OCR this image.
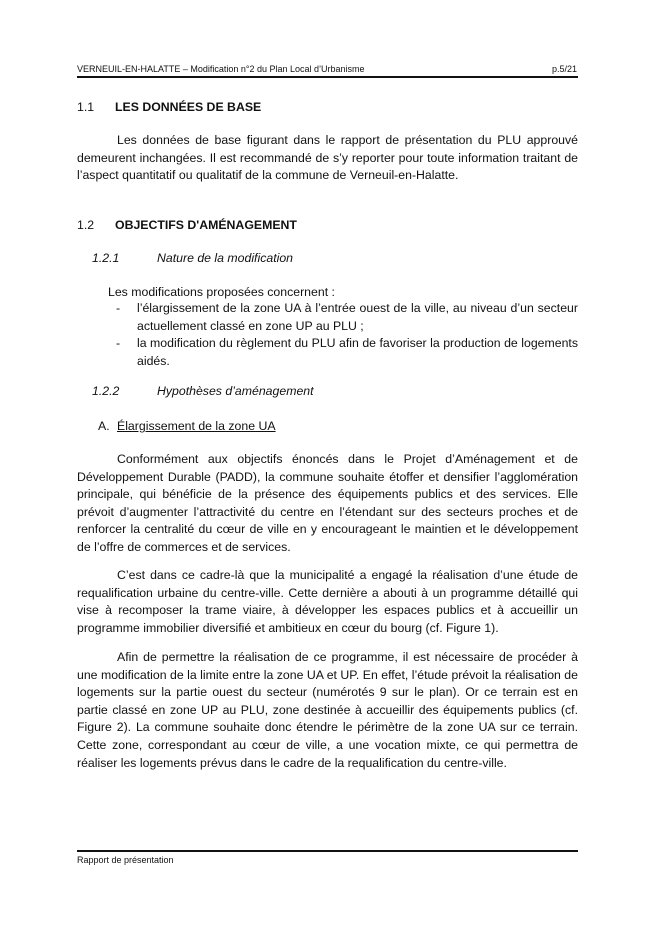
VERNEUIL-EN-HALATTE – Modification n°2 du Plan Local d’Urbanisme	p.5/21
1.1 LES DONNÉES DE BASE

Les données de base figurant dans le rapport de présentation du PLU approuvé demeurent inchangées. Il est recommandé de s’y reporter pour toute information traitant de l’aspect quantitatif ou qualitatif de la commune de Verneuil-en-Halatte.

1.2 OBJECTIFS D'AMÉNAGEMENT
1.2.1	Nature de la modification
Les modifications proposées concernent :
- l’élargissement de la zone UA à l’entrée ouest de la ville, au niveau d’un secteur actuellement classé en zone UP au PLU ;
- la modification du règlement du PLU afin de favoriser la production de logements aidés.
1.2.2	Hypothèses d’aménagement
A. Élargissement de la zone UA

Conformément aux objectifs énoncés dans le Projet d’Aménagement et de Développement Durable (PADD), la commune souhaite étoffer et densifier l’agglomération principale, qui bénéficie de la présence des équipements publics et des services. Elle prévoit d’augmenter l’attractivité du centre en l’étendant sur des secteurs proches et de renforcer la centralité du cœur de ville en y encourageant le maintien et le développement de l’offre de commerces et de services.

C’est dans ce cadre-là que la municipalité a engagé la réalisation d’une étude de requalification urbaine du centre-ville. Cette dernière a abouti à un programme détaillé qui vise à recomposer la trame viaire, à développer les espaces publics et à accueillir un programme immobilier diversifié et ambitieux en cœur du bourg (cf. Figure 1).

Afin de permettre la réalisation de ce programme, il est nécessaire de procéder à une modification de la limite entre la zone UA et UP. En effet, l’étude prévoit la réalisation de logements sur la partie ouest du secteur (numérotés 9 sur le plan). Or ce terrain est en partie classé en zone UP au PLU, zone destinée à accueillir des équipements publics (cf. Figure 2). La commune souhaite donc étendre le périmètre de la zone UA sur ce terrain. Cette zone, correspondant au cœur de ville, a une vocation mixte, ce qui permettra de réaliser les logements prévus dans le cadre de la requalification du centre-ville.

Rapport de présentation
